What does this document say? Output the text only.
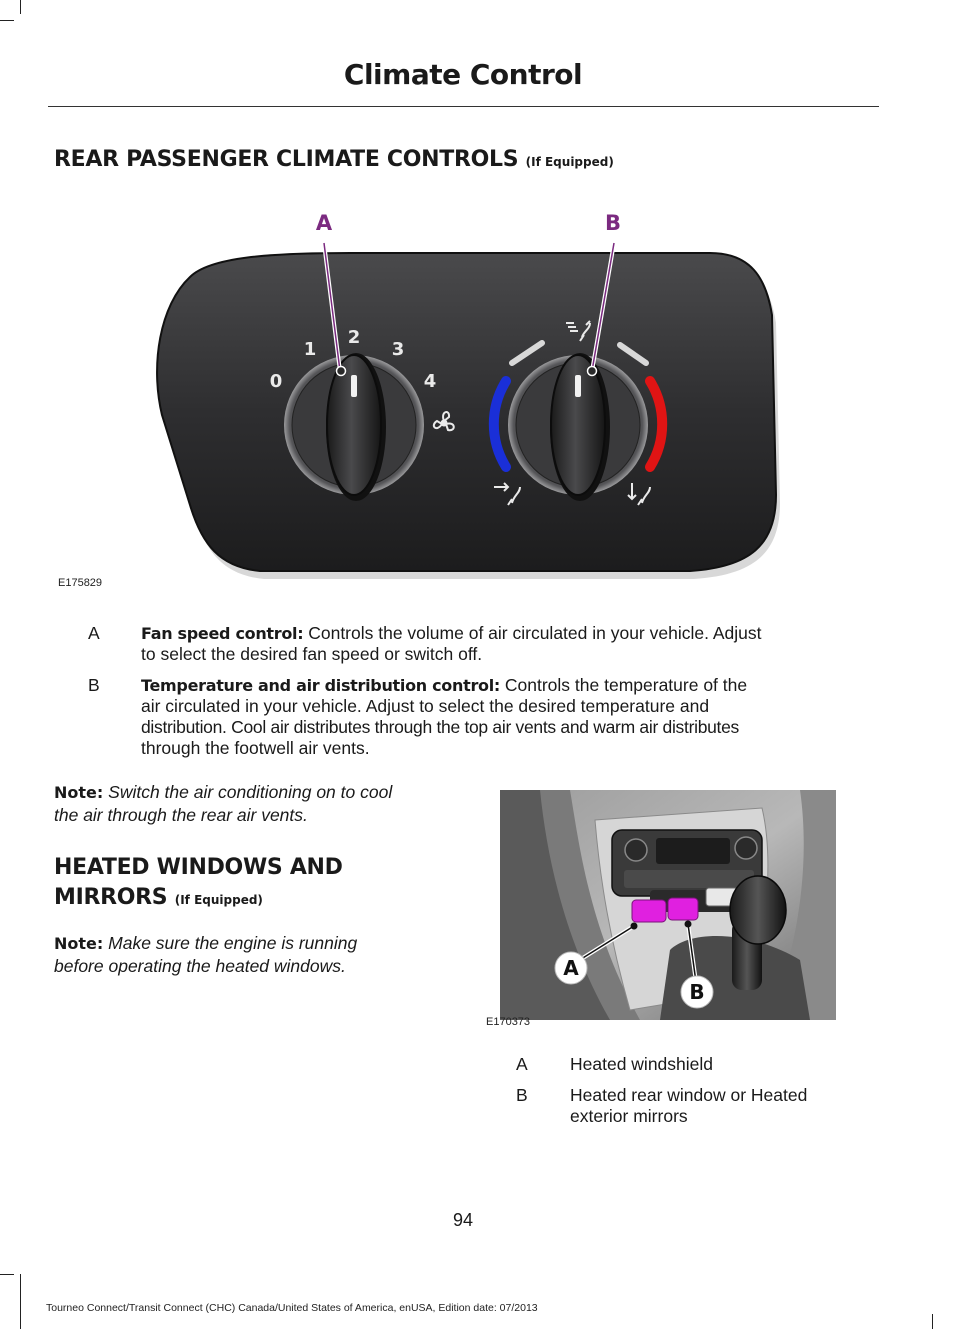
Climate Control
REAR PASSENGER CLIMATE CONTROLS (If Equipped)
0
1
2
3
4
A	B
E175829
A	Fan speed control: Controls the volume of air circulated in your vehicle. Adjust
to select the desired fan speed or switch off.
B	Temperature and air distribution control: Controls the temperature of the
air circulated in your vehicle. Adjust to select the desired temperature and
distribution. Cool air distributes through the top air vents and warm air distributes
through the footwell air vents.
Note: Switch the air conditioning on to cool
the air through the rear air vents.
HEATED WINDOWS AND
MIRRORS (If Equipped)
Note: Make sure the engine is running
before operating the heated windows.	A
B
E170373
A Heated windshield
B Heated rear window or Heated
exterior mirrors
94
Tourneo Connect/Transit Connect (CHC) Canada/United States of America, enUSA, Edition date: 07/2013
